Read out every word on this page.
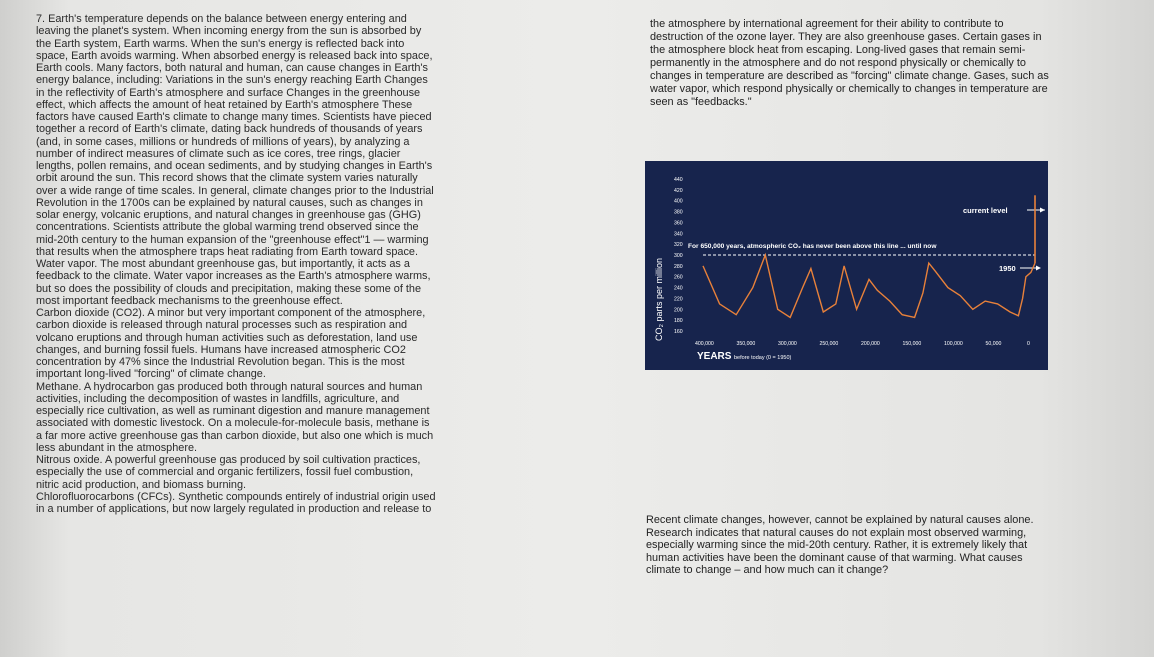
7. Earth's temperature depends on the balance between energy entering and

leaving the planet's system. When incoming energy from the sun is absorbed by

the Earth system, Earth warms. When the sun's energy is reflected back into

space, Earth avoids warming. When absorbed energy is released back into space,

Earth cools. Many factors, both natural and human, can cause changes in Earth's

energy balance, including: Variations in the sun's energy reaching Earth Changes

in the reflectivity of Earth's atmosphere and surface Changes in the greenhouse

effect, which affects the amount of heat retained by Earth's atmosphere These

factors have caused Earth's climate to change many times. Scientists have pieced

together a record of Earth's climate, dating back hundreds of thousands of years

(and, in some cases, millions or hundreds of millions of years), by analyzing a

number of indirect measures of climate such as ice cores, tree rings, glacier

lengths, pollen remains, and ocean sediments, and by studying changes in Earth's

orbit around the sun. This record shows that the climate system varies naturally

over a wide range of time scales. In general, climate changes prior to the Industrial

Revolution in the 1700s can be explained by natural causes, such as changes in

solar energy, volcanic eruptions, and natural changes in greenhouse gas (GHG)

concentrations. Scientists attribute the global warming trend observed since the

mid-20th century to the human expansion of the "greenhouse effect"1 — warming

that results when the atmosphere traps heat radiating from Earth toward space.

Water vapor. The most abundant greenhouse gas, but importantly, it acts as a

feedback to the climate. Water vapor increases as the Earth's atmosphere warms,

but so does the possibility of clouds and precipitation, making these some of the

most important feedback mechanisms to the greenhouse effect.

Carbon dioxide (CO2). A minor but very important component of the atmosphere,

carbon dioxide is released through natural processes such as respiration and

volcano eruptions and through human activities such as deforestation, land use

changes, and burning fossil fuels. Humans have increased atmospheric CO2

concentration by 47% since the Industrial Revolution began. This is the most

important long-lived "forcing" of climate change.

Methane. A hydrocarbon gas produced both through natural sources and human

activities, including the decomposition of wastes in landfills, agriculture, and

especially rice cultivation, as well as ruminant digestion and manure management

associated with domestic livestock. On a molecule-for-molecule basis, methane is

a far more active greenhouse gas than carbon dioxide, but also one which is much

less abundant in the atmosphere.

Nitrous oxide. A powerful greenhouse gas produced by soil cultivation practices,

especially the use of commercial and organic fertilizers, fossil fuel combustion,

nitric acid production, and biomass burning.

Chlorofluorocarbons (CFCs). Synthetic compounds entirely of industrial origin used

in a number of applications, but now largely regulated in production and release to

the atmosphere by international agreement for their ability to contribute to

destruction of the ozone layer. They are also greenhouse gases. Certain gases in

the atmosphere block heat from escaping. Long-lived gases that remain semi-

permanently in the atmosphere and do not respond physically or chemically to

changes in temperature are described as "forcing" climate change. Gases, such as

water vapor, which respond physically or chemically to changes in temperature are

seen as "feedbacks."

440
420
400
380
360
340
320
300
280
260
240
220
200
180
160
CO₂ parts per million
For 650,000 years, atmospheric CO₂ has never been above this line ... until now
current level
1950
400,000	350,000	300,000	250,000	200,000	150,000	100,000	50,000	0
YEARS before today (0 = 1950)

Recent climate changes, however, cannot be explained by natural causes alone.

Research indicates that natural causes do not explain most observed warming,

especially warming since the mid-20th century. Rather, it is extremely likely that

human activities have been the dominant cause of that warming. What causes

climate to change – and how much can it change?
